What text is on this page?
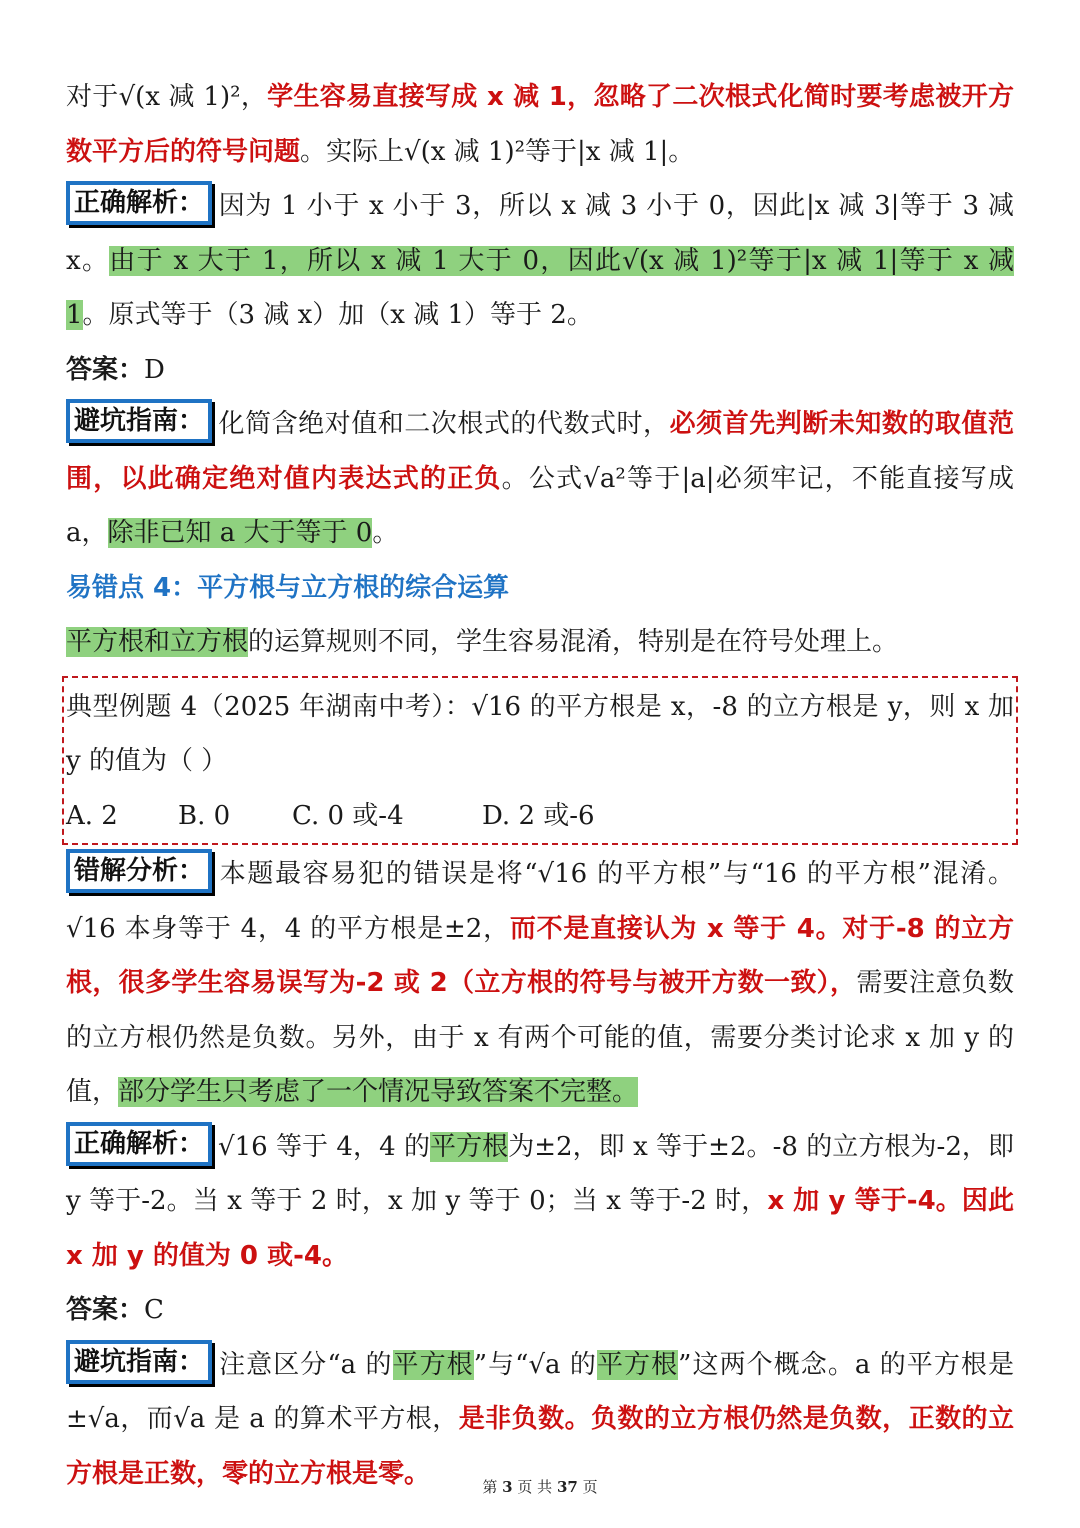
对于√(x 减 1)²，学生容易直接写成 x 减 1，忽略了二次根式化简时要考虑被开方数平方后的符号问题。实际上√(x 减 1)²等于|x 减 1|。

正确解析： 因为 1 小于 x 小于 3，所以 x 减 3 小于 0，因此|x 减 3|等于 3 减 x。由于 x 大于 1，所以 x 减 1 大于 0，因此√(x 减 1)²等于|x 减 1|等于 x 减 1。原式等于（3 减 x）加（x 减 1）等于 2。

答案：D

避坑指南： 化简含绝对值和二次根式的代数式时，必须首先判断未知数的取值范围，以此确定绝对值内表达式的正负。公式√a²等于|a|必须牢记，不能直接写成 a，除非已知 a 大于等于 0。

易错点 4：平方根与立方根的综合运算

平方根和立方根的运算规则不同，学生容易混淆，特别是在符号处理上。

典型例题 4（2025 年湖南中考）：√16 的平方根是 x，-8 的立方根是 y，则 x 加 y 的值为（ ）

A. 2 B. 0 C. 0 或-4	D. 2 或-6

错解分析： 本题最容易犯的错误是将“√16 的平方根”与“16 的平方根”混淆。√16 本身等于 4，4 的平方根是±2，而不是直接认为 x 等于 4。对于-8 的立方根，很多学生容易误写为-2 或 2（立方根的符号与被开方数一致），需要注意负数的立方根仍然是负数。另外，由于 x 有两个可能的值，需要分类讨论求 x 加 y 的值，部分学生只考虑了一个情况导致答案不完整。

正确解析： √16 等于 4，4 的平方根为±2，即 x 等于±2。-8 的立方根为-2，即 y 等于-2。当 x 等于 2 时，x 加 y 等于 0；当 x 等于-2 时，x 加 y 等于-4。因此 x 加 y 的值为 0 或-4。

答案：C

避坑指南： 注意区分“a 的平方根”与“√a 的平方根”这两个概念。a 的平方根是±√a，而√a 是 a 的算术平方根，是非负数。负数的立方根仍然是负数，正数的立方根是正数，零的立方根是零。	第 3 页 共 37 页
